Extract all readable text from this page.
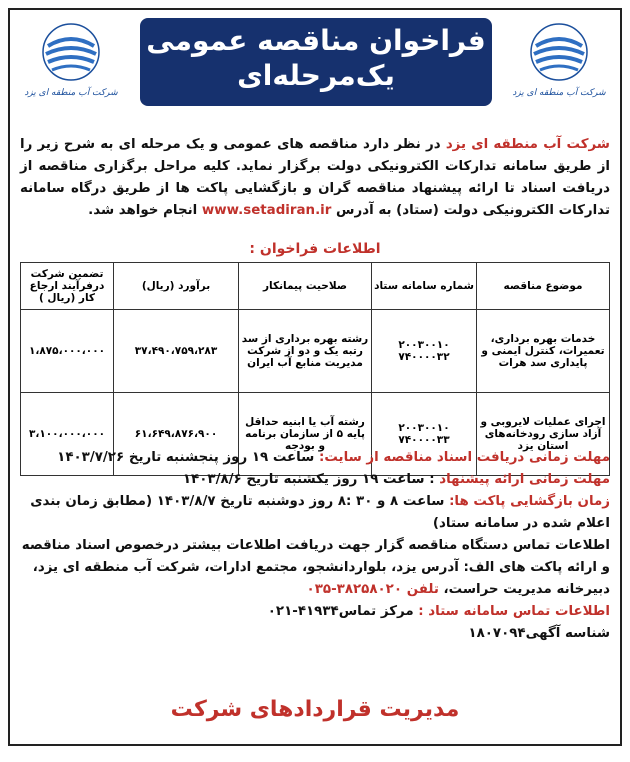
شرکت آب منطقه ای یزد
شرکت آب منطقه ای یزد
فراخوان مناقصه عمومی
یک‌مرحله‌ای
شرکت آب منطقه ای یزد در نظر دارد مناقصه های عمومی و یک مرحله ای به شرح زیر را از طریق سامانه تدارکات الکترونیکی دولت برگزار نماید. کلیه مراحل برگزاری مناقصه از دریافت اسناد تا ارائه پیشنهاد مناقصه گران و بازگشایی پاکت ها از طریق درگاه سامانه تدارکات الکترونیکی دولت (ستاد) به آدرس www.setadiran.ir انجام خواهد شد.
اطلاعات فراخوان :
موضوع مناقصه	شماره سامانه ستاد	صلاحیت پیمانکار	برآورد (ریال)	تضمین شرکت درفرآیند ارجاع کار (ریال )
خدمات بهره برداری، تعمیرات، کنترل ایمنی و پایداری سد هرات	۲۰۰۳۰۰۱۰ ۷۴۰۰۰۰۳۲	رشته بهره برداری از سد رتبه یک و دو از شرکت مدیریت منابع آب ایران	۳۷،۴۹۰،۷۵۹،۲۸۳	۱،۸۷۵،۰۰۰،۰۰۰
اجرای عملیات لایروبی و آزاد سازی رودخانه‌های استان یزد	۲۰۰۳۰۰۱۰ ۷۴۰۰۰۰۳۳	رشته آب یا ابنیه حداقل پایه ۵ از سازمان برنامه و بودجه	۶۱،۶۴۹،۸۷۶،۹۰۰	۳،۱۰۰،۰۰۰،۰۰۰

مهلت زمانی دریافت اسناد مناقصه از سایت: ساعت ۱۹ روز پنجشنبه تاریخ ۱۴۰۳/۷/۲۶

مهلت زمانی ارائه پیشنهاد : ساعت ۱۹ روز یکشنبه تاریخ ۱۴۰۳/۸/۶

زمان بازگشایی پاکت ها: ساعت ۸ و ۳۰ :۸ روز دوشنبه تاریخ ۱۴۰۳/۸/۷ (مطابق زمان بندی اعلام شده در سامانه ستاد)

اطلاعات تماس دستگاه مناقصه گزار جهت دریافت اطلاعات بیشتر درخصوص اسناد مناقصه و ارائه پاکت های الف: آدرس یزد، بلواردانشجو، مجتمع ادارات، شرکت آب منطقه ای یزد، دبیرخانه مدیریت حراست، تلفن ۳۸۲۵۸۰۲۰-۰۳۵

اطلاعات تماس سامانه ستاد : مرکز تماس۴۱۹۳۴-۰۲۱

شناسه آگهی۱۸۰۷۰۹۴

مدیریت قراردادهای شرکت
